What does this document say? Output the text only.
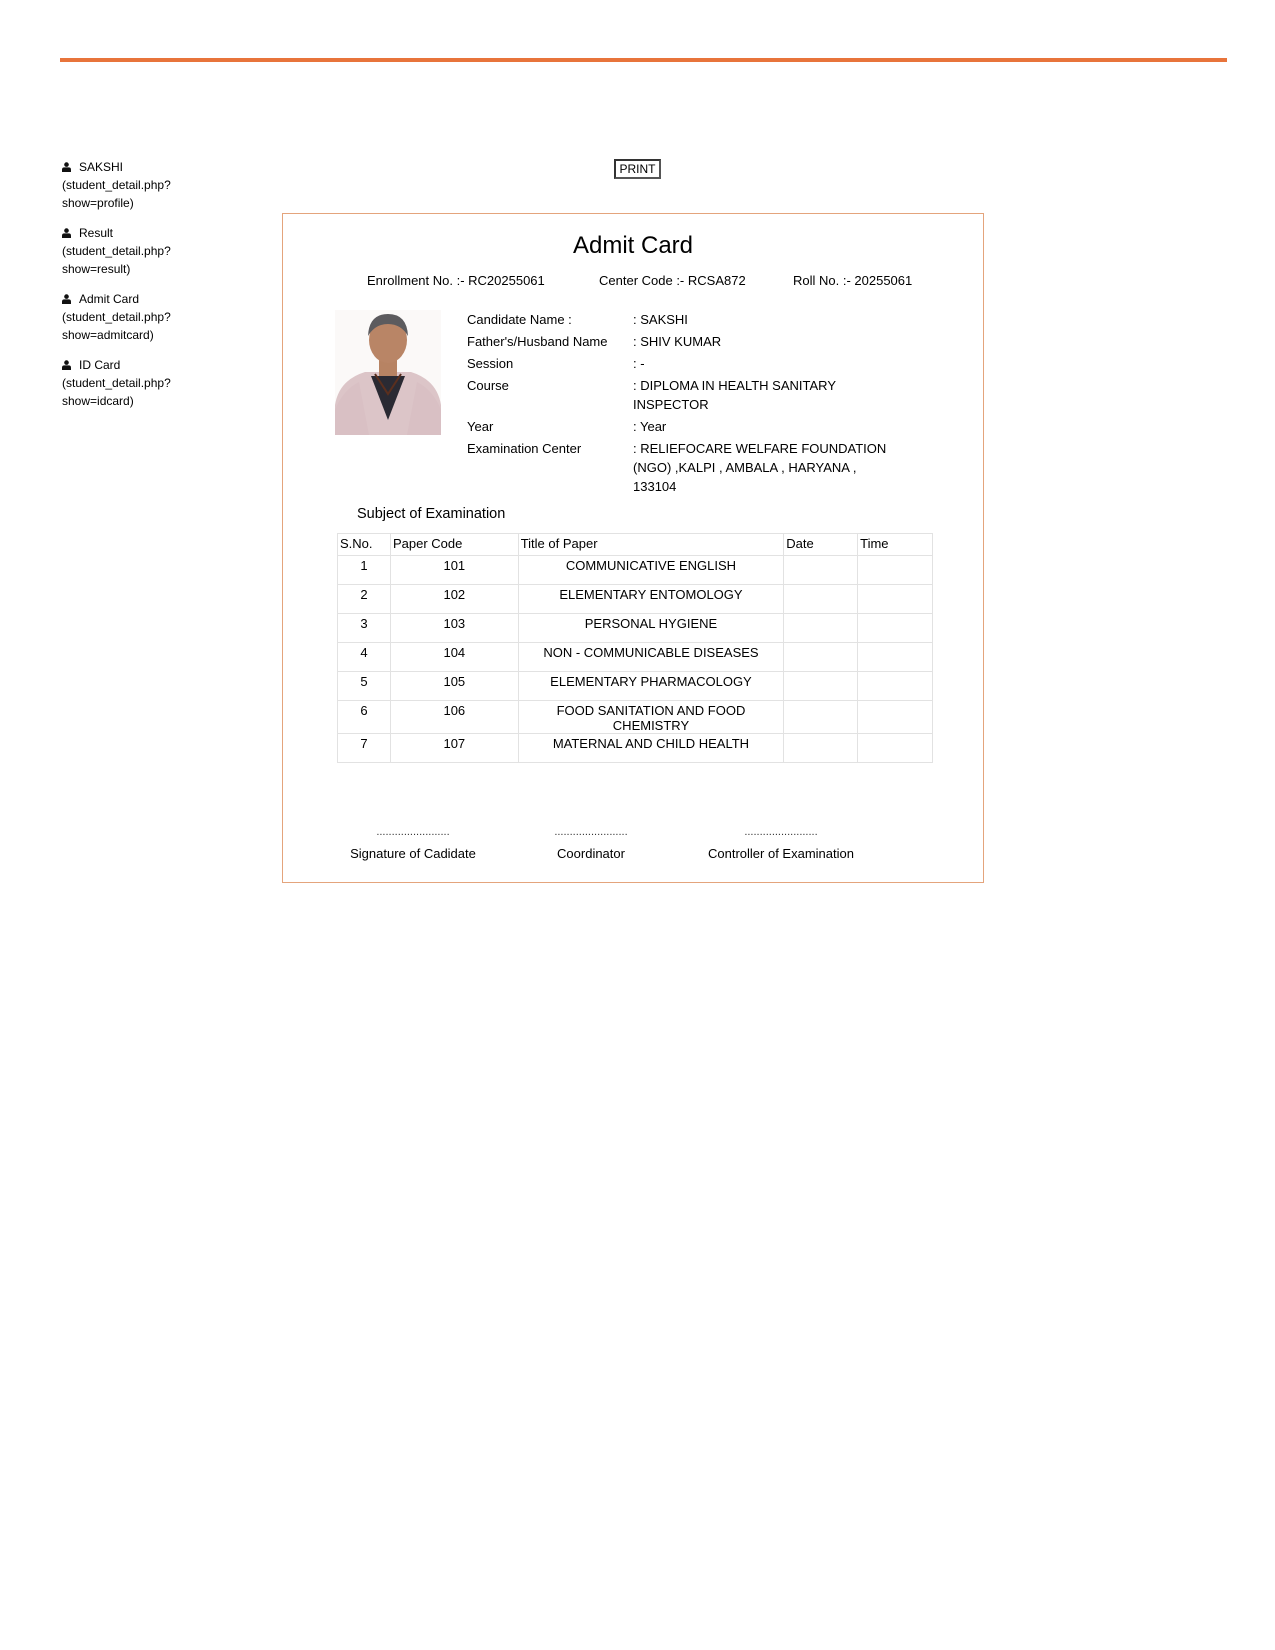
SAKSHI
(student_detail.php?
show=profile)
Result
(student_detail.php?
show=result)
Admit Card
(student_detail.php?
show=admitcard)
ID Card
(student_detail.php?
show=idcard)
PRINT
Admit Card
Enrollment No. :- RC20255061	Center Code :- RCSA872	Roll No. :- 20255061
Candidate Name :	: SAKSHI
Father's/Husband Name	: SHIV KUMAR
Session	: -
Course	: DIPLOMA IN HEALTH SANITARY INSPECTOR
Year	: Year
Examination Center	: RELIEFOCARE WELFARE FOUNDATION (NGO) ,KALPI , AMBALA , HARYANA , 133104
Subject of Examination
S.No.	Paper Code	Title of Paper	Date	Time
1	101	COMMUNICATIVE ENGLISH		
2	102	ELEMENTARY ENTOMOLOGY		
3	103	PERSONAL HYGIENE		
4	104	NON - COMMUNICABLE DISEASES		
5	105	ELEMENTARY PHARMACOLOGY		
6	106	FOOD SANITATION AND FOOD CHEMISTRY		
7	107	MATERNAL AND CHILD HEALTH		
........................
Signature of Cadidate
........................
Coordinator
........................
Controller of Examination
